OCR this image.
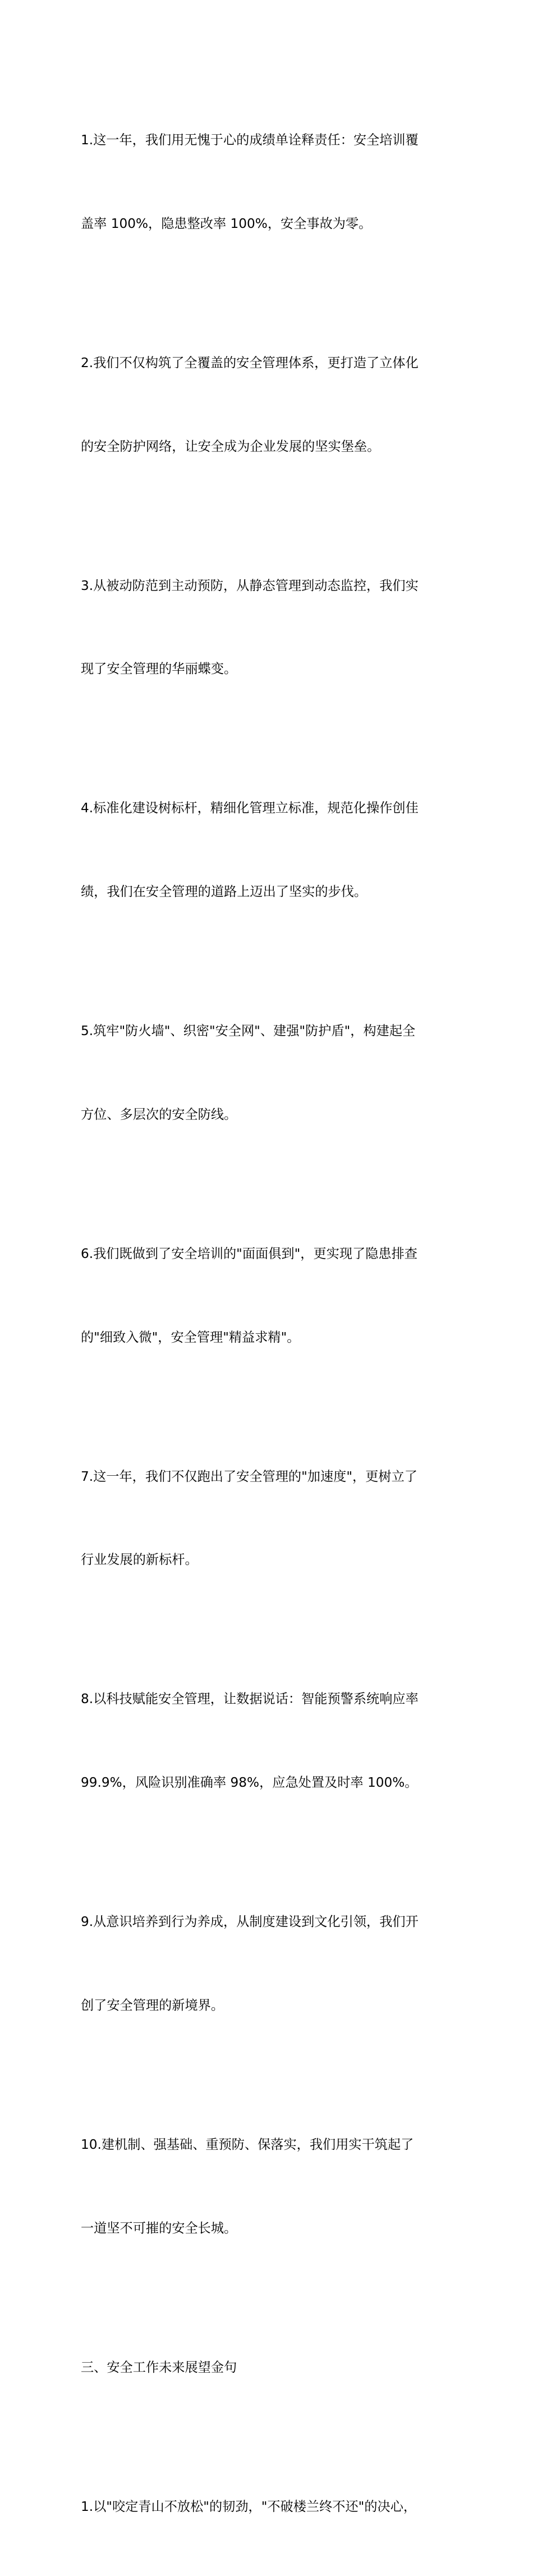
1.这一年，我们用无愧于心的成绩单诠释责任：安全培训覆

盖率 100%，隐患整改率 100%，安全事故为零。

2.我们不仅构筑了全覆盖的安全管理体系，更打造了立体化

的安全防护网络，让安全成为企业发展的坚实堡垒。

3.从被动防范到主动预防，从静态管理到动态监控，我们实

现了安全管理的华丽蝶变。

4.标准化建设树标杆，精细化管理立标准，规范化操作创佳

绩，我们在安全管理的道路上迈出了坚实的步伐。

5.筑牢"防火墙"、织密"安全网"、建强"防护盾"，构建起全

方位、多层次的安全防线。

6.我们既做到了安全培训的"面面俱到"，更实现了隐患排查

的"细致入微"，安全管理"精益求精"。

7.这一年，我们不仅跑出了安全管理的"加速度"，更树立了

行业发展的新标杆。

8.以科技赋能安全管理，让数据说话：智能预警系统响应率

99.9%，风险识别准确率 98%，应急处置及时率 100%。

9.从意识培养到行为养成，从制度建设到文化引领，我们开

创了安全管理的新境界。

10.建机制、强基础、重预防、保落实，我们用实干筑起了

一道坚不可摧的安全长城。

三、安全工作未来展望金句

1.以"咬定青山不放松"的韧劲，"不破楼兰终不还"的决心，
